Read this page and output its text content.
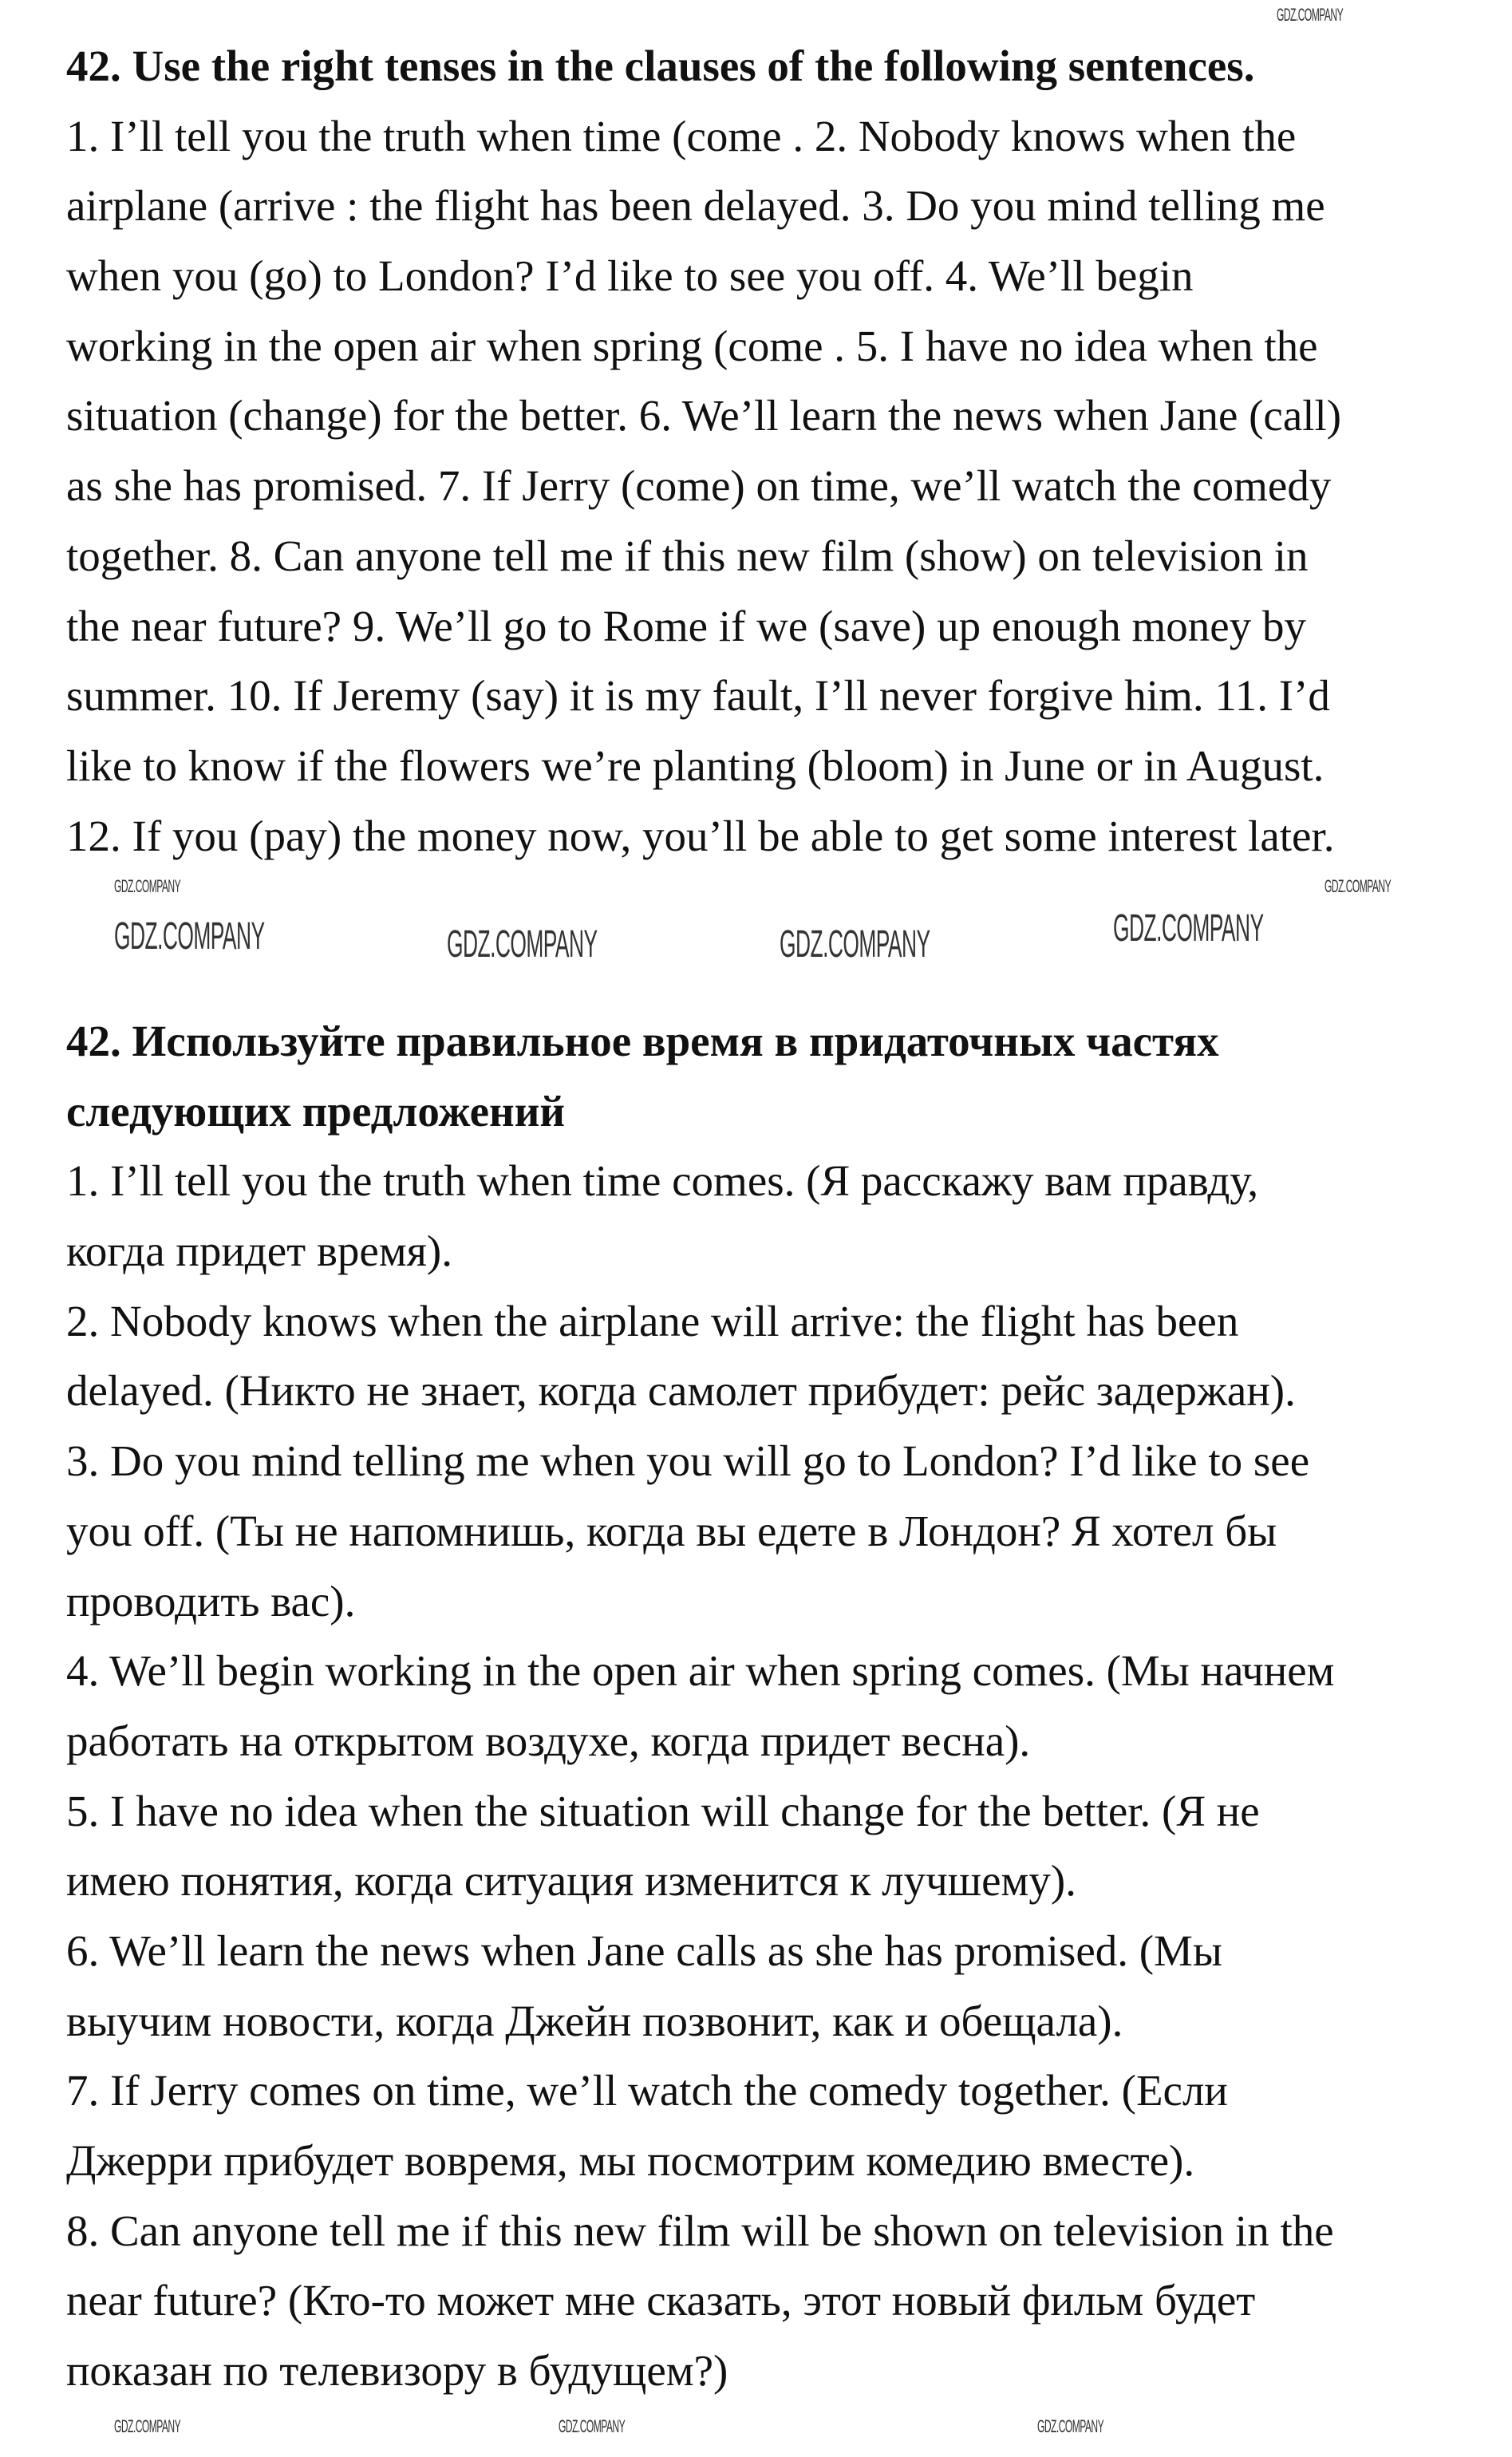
42. Use the right tenses in the clauses of the following sentences.
1. I’ll tell you the truth when time (come . 2. Nobody knows when the
airplane (arrive : the flight has been delayed. 3. Do you mind telling me
when you (go) to London? I’d like to see you off. 4. We’ll begin
working in the open air when spring (come . 5. I have no idea when the
situation (change) for the better. 6. We’ll learn the news when Jane (call)
as she has promised. 7. If Jerry (come) on time, we’ll watch the comedy
together. 8. Can anyone tell me if this new film (show) on television in
the near future? 9. We’ll go to Rome if we (save) up enough money by
summer. 10. If Jeremy (say) it is my fault, I’ll never forgive him. 11. I’d
like to know if the flowers we’re planting (bloom) in June or in August.
12. If you (pay) the money now, you’ll be able to get some interest later.
42. Используйте правильное время в придаточных частях
следующих предложений
1. I’ll tell you the truth when time comes. (Я расскажу вам правду,
когда придет время).
2. Nobody knows when the airplane will arrive: the flight has been
delayed. (Никто не знает, когда самолет прибудет: рейс задержан).
3. Do you mind telling me when you will go to London? I’d like to see
you off. (Ты не напомнишь, когда вы едете в Лондон? Я хотел бы
проводить вас).
4. We’ll begin working in the open air when spring comes. (Мы начнем
работать на открытом воздухе, когда придет весна).
5. I have no idea when the situation will change for the better. (Я не
имею понятия, когда ситуация изменится к лучшему).
6. We’ll learn the news when Jane calls as she has promised. (Мы
выучим новости, когда Джейн позвонит, как и обещала).
7. If Jerry comes on time, we’ll watch the comedy together. (Если
Джерри прибудет вовремя, мы посмотрим комедию вместе).
8. Can anyone tell me if this new film will be shown on television in the
near future? (Кто-то может мне сказать, этот новый фильм будет
показан по телевизору в будущем?)
GDZ.COMPANY	GDZ.COMPANY	GDZ.COMPANY	GDZ.COMPANY
GDZ.COMPANY	GDZ.COMPANY
GDZ.COMPANY	GDZ.COMPANY	GDZ.COMPANY
GDZ.COMPANY
